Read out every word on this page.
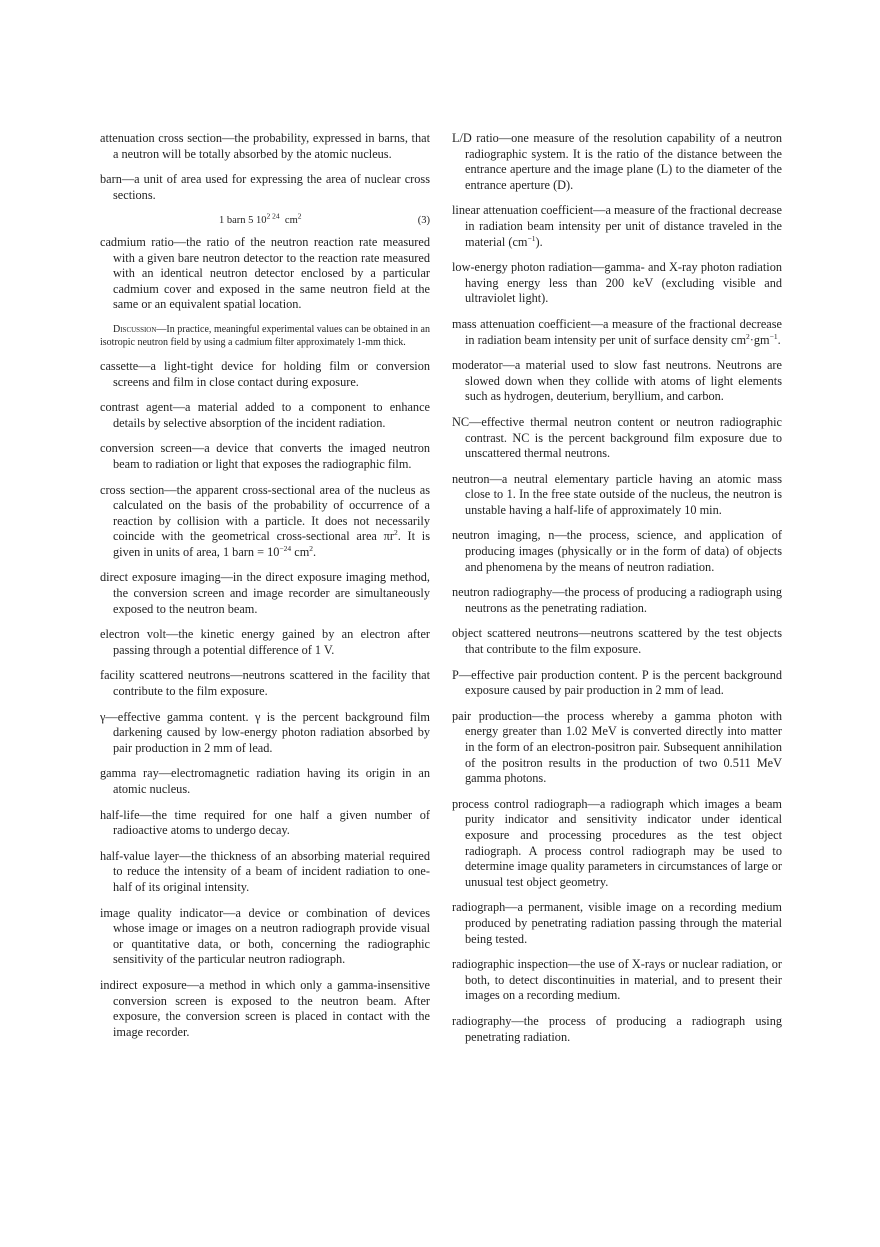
attenuation cross section—the probability, expressed in barns, that a neutron will be totally absorbed by the atomic nucleus.

barn—a unit of area used for expressing the area of nuclear cross sections.

1 barn 5 $10^{2 24}$ $cm^2$	(3)

cadmium ratio—the ratio of the neutron reaction rate measured with a given bare neutron detector to the reaction rate measured with an identical neutron detector enclosed by a particular cadmium cover and exposed in the same neutron field at the same or an equivalent spatial location.

Discussion—In practice, meaningful experimental values can be obtained in an isotropic neutron field by using a cadmium filter approximately 1-mm thick.

cassette—a light-tight device for holding film or conversion screens and film in close contact during exposure.

contrast agent—a material added to a component to enhance details by selective absorption of the incident radiation.

conversion screen—a device that converts the imaged neutron beam to radiation or light that exposes the radiographic film.

cross section—the apparent cross-sectional area of the nucleus as calculated on the basis of the probability of occurrence of a reaction by collision with a particle. It does not necessarily coincide with the geometrical cross-sectional area $\pi r^2$. It is given in units of area, 1 barn = $10^{-24}$ $cm^2$.

direct exposure imaging—in the direct exposure imaging method, the conversion screen and image recorder are simultaneously exposed to the neutron beam.

electron volt—the kinetic energy gained by an electron after passing through a potential difference of 1 V.

facility scattered neutrons—neutrons scattered in the facility that contribute to the film exposure.

γ—effective gamma content. γ is the percent background film darkening caused by low-energy photon radiation absorbed by pair production in 2 mm of lead.

gamma ray—electromagnetic radiation having its origin in an atomic nucleus.

half-life—the time required for one half a given number of radioactive atoms to undergo decay.

half-value layer—the thickness of an absorbing material required to reduce the intensity of a beam of incident radiation to one-half of its original intensity.

image quality indicator—a device or combination of devices whose image or images on a neutron radiograph provide visual or quantitative data, or both, concerning the radiographic sensitivity of the particular neutron radiograph.

indirect exposure—a method in which only a gamma-insensitive conversion screen is exposed to the neutron beam. After exposure, the conversion screen is placed in contact with the image recorder.

L/D ratio—one measure of the resolution capability of a neutron radiographic system. It is the ratio of the distance between the entrance aperture and the image plane (L) to the diameter of the entrance aperture (D).

linear attenuation coefficient—a measure of the fractional decrease in radiation beam intensity per unit of distance traveled in the material $(cm^{-1})$.

low-energy photon radiation—gamma- and X-ray photon radiation having energy less than 200 keV (excluding visible and ultraviolet light).

mass attenuation coefficient—a measure of the fractional decrease in radiation beam intensity per unit of surface density $cm^2\cdot gm^{-1}$.

moderator—a material used to slow fast neutrons. Neutrons are slowed down when they collide with atoms of light elements such as hydrogen, deuterium, beryllium, and carbon.

NC—effective thermal neutron content or neutron radiographic contrast. NC is the percent background film exposure due to unscattered thermal neutrons.

neutron—a neutral elementary particle having an atomic mass close to 1. In the free state outside of the nucleus, the neutron is unstable having a half-life of approximately 10 min.

neutron imaging, n—the process, science, and application of producing images (physically or in the form of data) of objects and phenomena by the means of neutron radiation.

neutron radiography—the process of producing a radiograph using neutrons as the penetrating radiation.

object scattered neutrons—neutrons scattered by the test objects that contribute to the film exposure.

P—effective pair production content. P is the percent background exposure caused by pair production in 2 mm of lead.

pair production—the process whereby a gamma photon with energy greater than 1.02 MeV is converted directly into matter in the form of an electron-positron pair. Subsequent annihilation of the positron results in the production of two 0.511 MeV gamma photons.

process control radiograph—a radiograph which images a beam purity indicator and sensitivity indicator under identical exposure and processing procedures as the test object radiograph. A process control radiograph may be used to determine image quality parameters in circumstances of large or unusual test object geometry.

radiograph—a permanent, visible image on a recording medium produced by penetrating radiation passing through the material being tested.

radiographic inspection—the use of X-rays or nuclear radiation, or both, to detect discontinuities in material, and to present their images on a recording medium.

radiography—the process of producing a radiograph using penetrating radiation.
